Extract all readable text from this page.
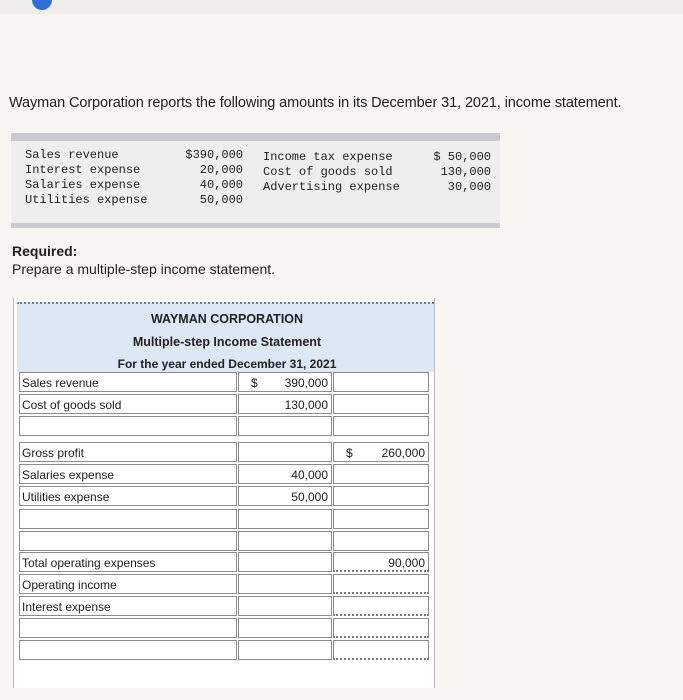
Wayman Corporation reports the following amounts in its December 31, 2021, income statement.
Sales revenue	$390,000
Interest expense	20,000
Salaries expense	40,000
Utilities expense	50,000
Income tax expense	$ 50,000
Cost of goods sold	130,000
Advertising expense	30,000
Required:
Prepare a multiple-step income statement.
WAYMAN CORPORATION
Multiple-step Income Statement
For the year ended December 31, 2021
Sales revenue	$ 390,000
Cost of goods sold	130,000
Gross profit	$ 260,000
Salaries expense	40,000
Utilities expense	50,000
Total operating expenses	90,000
Operating income
Interest expense
